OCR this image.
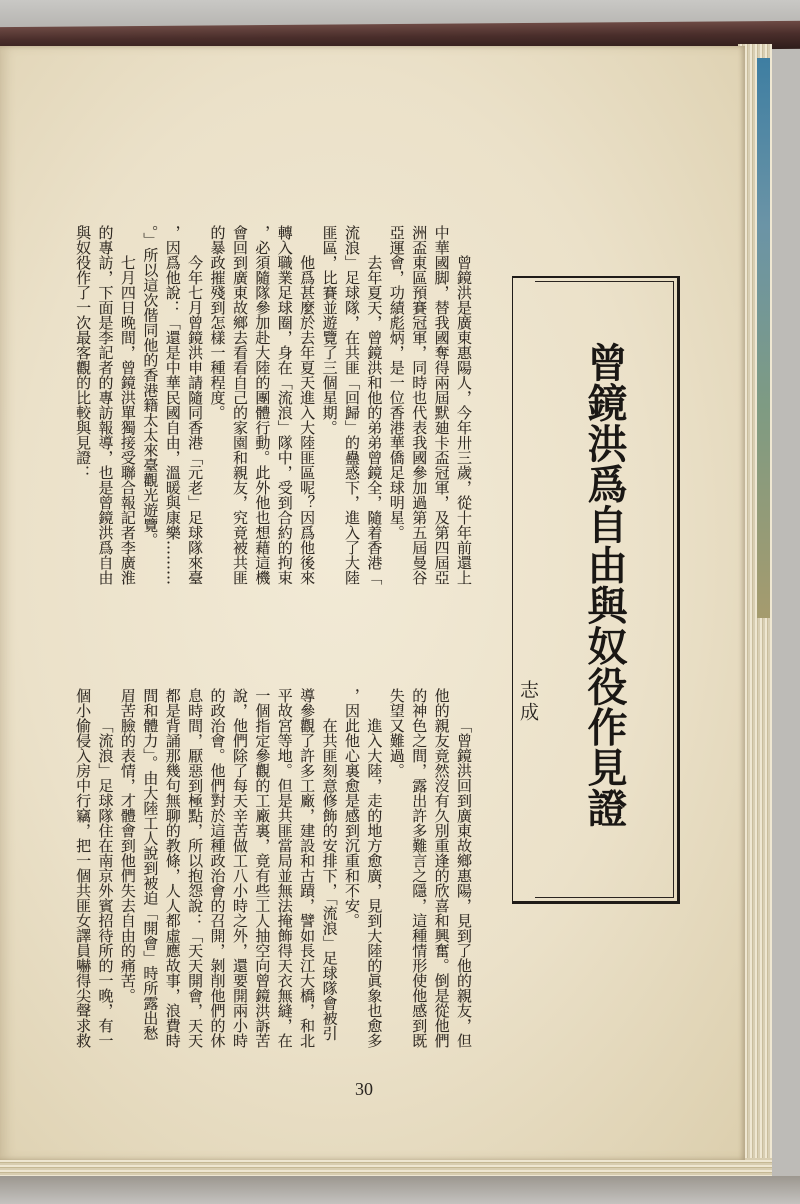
曾鏡洪是廣東惠陽人，今年卅三歲，從十年前還上
中華國脚，替我國奪得兩屆默廸卡盃冠軍，及第四屆亞
洲盃東區預賽冠軍，同時也代表我國參加過第五屆曼谷
亞運會，功績彪炳，是一位香港華僑足球明星。
去年夏天，曾鏡洪和他的弟弟曾鏡全，隨着香港「
流浪」足球隊，在共匪「回歸」的蠱惑下，進入了大陸
匪區，比賽並遊覽了三個星期。
他爲甚麼於去年夏天進入大陸匪區呢？因爲他後來
轉入職業足球圈，身在「流浪」隊中，受到合約的拘束
，必須隨隊參加赴大陸的團體行動。此外他也想藉這機
會回到廣東故鄉去看看自己的家園和親友，究竟被共匪
的暴政摧殘到怎樣一種程度。
今年七月曾鏡洪申請隨同香港「元老」足球隊來臺
，因爲他說：「還是中華民國自由，溫暖與康樂………
。」所以這次偕同他的香港籍太太來臺觀光遊覽。
七月四日晚間，曾鏡洪單獨接受聯合報記者李廣淮
的專訪，下面是李記者的專訪報導，也是曾鏡洪爲自由
與奴役作了一次最客觀的比較與見證：
「曾鏡洪回到廣東故鄉惠陽，見到了他的親友，但
他的親友竟然沒有久別重逢的欣喜和興奮。倒是從他們
的神色之間，露出許多難言之隱，這種情形使他感到既
失望又難過。
進入大陸，走的地方愈廣，見到大陸的眞象也愈多
，因此他心裏愈是感到沉重和不安。
在共匪刻意修飾的安排下，「流浪」足球隊會被引
導參觀了許多工廠，建設和古蹟，譬如長江大橋，和北
平故宮等地。但是共匪當局並無法掩飾得天衣無縫，在
一個指定參觀的工廠裏，竟有些工人抽空向曾鏡洪訴苦
說，他們除了每天辛苦做工八小時之外，還要開兩小時
的政治會。他們對於這種政治會的召開，剝削他們的休
息時間，厭惡到極點，所以抱怨說：「天天開會，天天
都是背誦那幾句無聊的教條，人人都虛應故事，浪費時
間和體力」。由大陸工人說到被迫「開會」時所露出愁
眉苦臉的表情，才體會到他們失去自由的痛苦。
「流浪」足球隊住在南京外賓招待所的一晚，有一
個小偷侵入房中行竊，把一個共匪女譯員嚇得尖聲求救
曾鏡洪爲自由與奴役作見證
志成
30
